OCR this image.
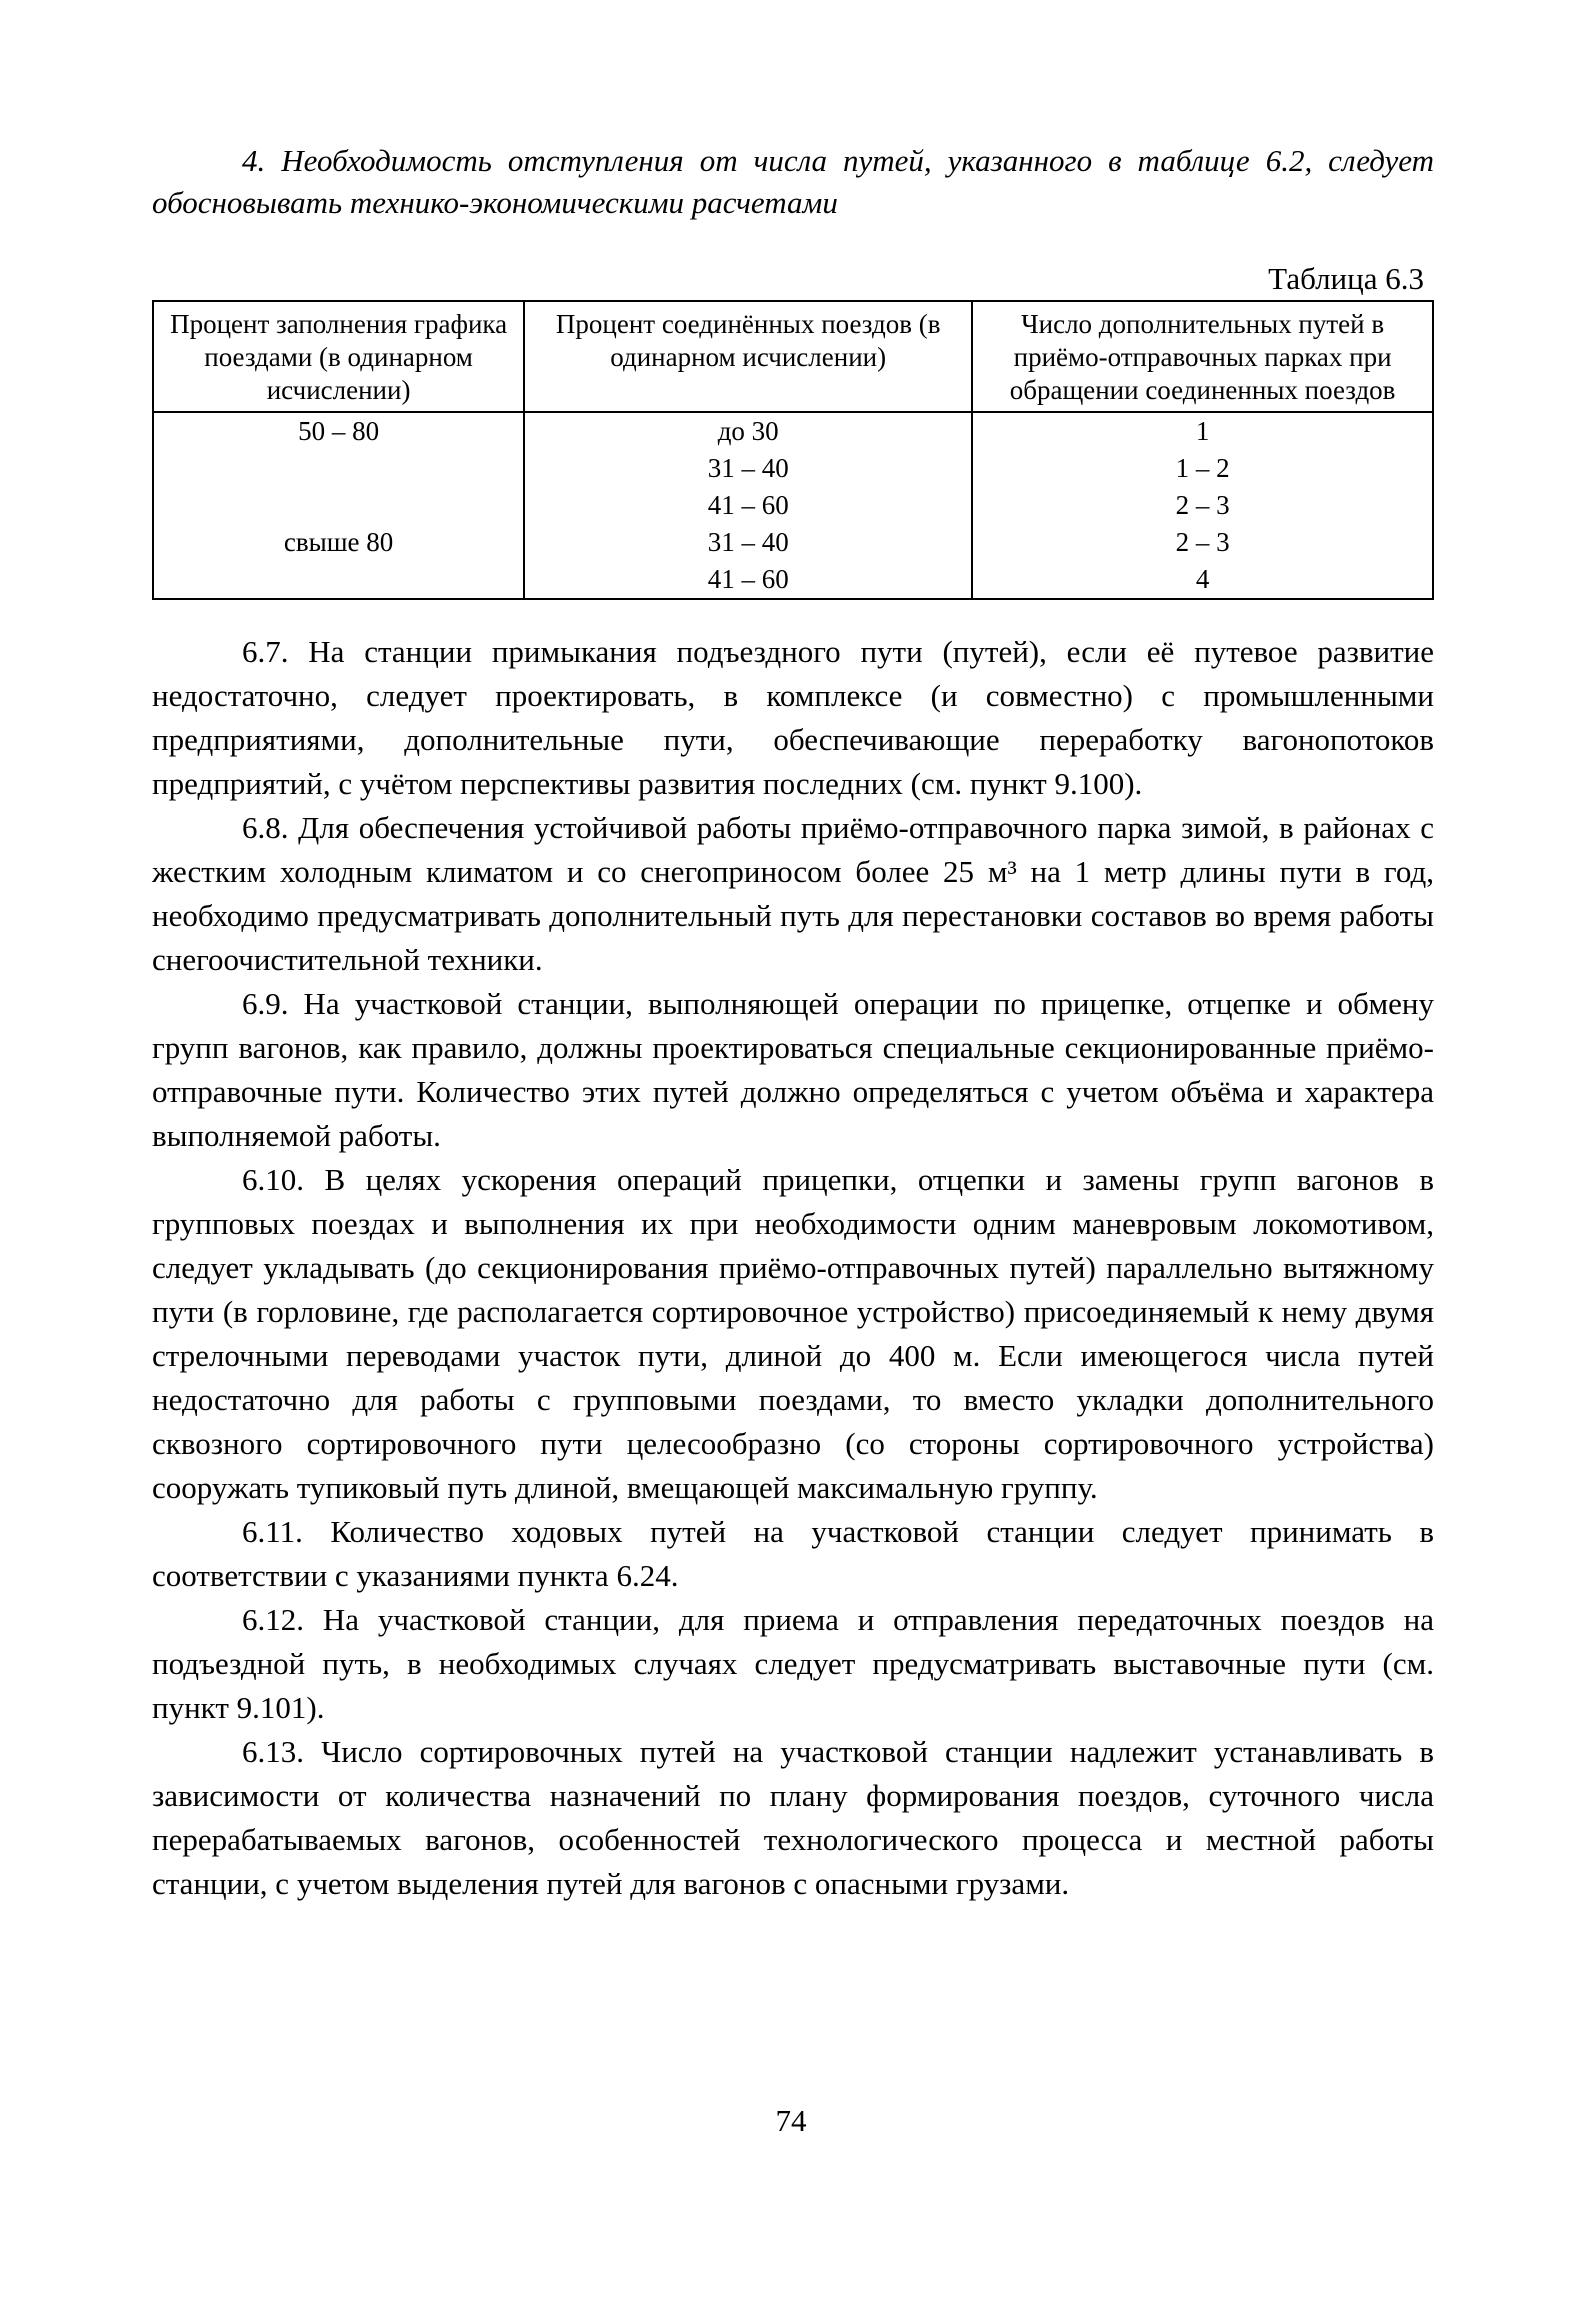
4. Необходимость отступления от числа путей, указанного в таблице 6.2, следует обосновывать технико-экономическими расчетами

Таблица 6.3
Процент заполнения графика поездами (в одинарном исчислении)	Процент соединённых поездов (в одинарном исчислении)	Число дополнительных путей в приёмо-отправочных парках при обращении соединенных поездов
50 – 80	до 30	1
	31 – 40	1 – 2
	41 – 60	2 – 3
свыше 80	31 – 40	2 – 3
	41 – 60	4

6.7. На станции примыкания подъездного пути (путей), если её путевое развитие недостаточно, следует проектировать, в комплексе (и совместно) с промышленными предприятиями, дополнительные пути, обеспечивающие переработку вагонопотоков предприятий, с учётом перспективы развития последних (см. пункт 9.100).

6.8. Для обеспечения устойчивой работы приёмо-отправочного парка зимой, в районах с жестким холодным климатом и со снегоприносом более 25 м³ на 1 метр длины пути в год, необходимо предусматривать дополнительный путь для перестановки составов во время работы снегоочистительной техники.

6.9. На участковой станции, выполняющей операции по прицепке, отцепке и обмену групп вагонов, как правило, должны проектироваться специальные секционированные приёмо-отправочные пути. Количество этих путей должно определяться с учетом объёма и характера выполняемой работы.

6.10. В целях ускорения операций прицепки, отцепки и замены групп вагонов в групповых поездах и выполнения их при необходимости одним маневровым локомотивом, следует укладывать (до секционирования приёмо-отправочных путей) параллельно вытяжному пути (в горловине, где располагается сортировочное устройство) присоединяемый к нему двумя стрелочными переводами участок пути, длиной до 400 м. Если имеющегося числа путей недостаточно для работы с групповыми поездами, то вместо укладки дополнительного сквозного сортировочного пути целесообразно (со стороны сортировочного устройства) сооружать тупиковый путь длиной, вмещающей максимальную группу.

6.11. Количество ходовых путей на участковой станции следует принимать в соответствии с указаниями пункта 6.24.

6.12. На участковой станции, для приема и отправления передаточных поездов на подъездной путь, в необходимых случаях следует предусматривать выставочные пути (см. пункт 9.101).

6.13. Число сортировочных путей на участковой станции надлежит устанавливать в зависимости от количества назначений по плану формирования поездов, суточного числа перерабатываемых вагонов, особенностей технологического процесса и местной работы станции, с учетом выделения путей для вагонов с опасными грузами.

74
